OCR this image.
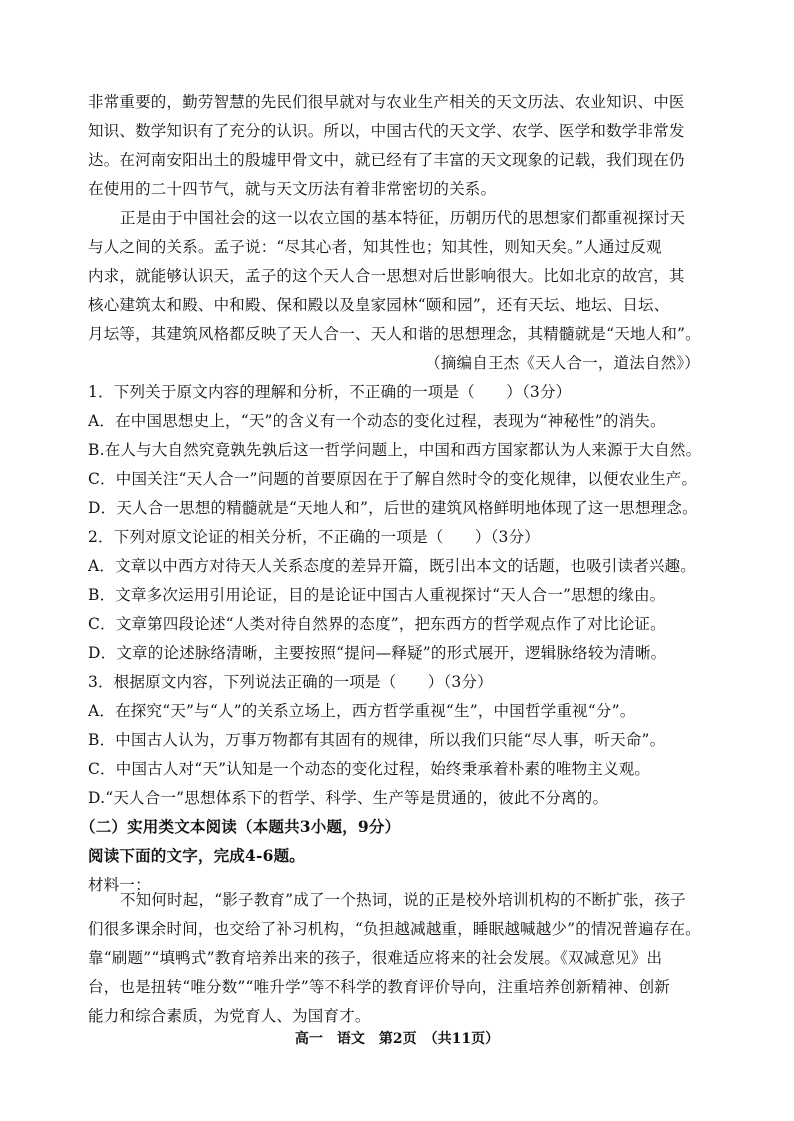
非常重要的，勤劳智慧的先民们很早就对与农业生产相关的天文历法、农业知识、中医
知识、数学知识有了充分的认识。所以，中国古代的天文学、农学、医学和数学非常发
达。在河南安阳出土的殷墟甲骨文中，就已经有了丰富的天文现象的记载，我们现在仍
在使用的二十四节气，就与天文历法有着非常密切的关系。
正是由于中国社会的这一以农立国的基本特征，历朝历代的思想家们都重视探讨天
与人之间的关系。孟子说：“尽其心者，知其性也；知其性，则知天矣。”人通过反观
内求，就能够认识天，孟子的这个天人合一思想对后世影响很大。比如北京的故宫，其
核心建筑太和殿、中和殿、保和殿以及皇家园林“颐和园”，还有天坛、地坛、日坛、
月坛等，其建筑风格都反映了天人合一、天人和谐的思想理念，其精髓就是“天地人和”。
（摘编自王杰《天人合一，道法自然》）
1．下列关于原文内容的理解和分析，不正确的一项是（　　）（3分）
A．在中国思想史上，“天”的含义有一个动态的变化过程，表现为“神秘性”的消失。
B.在人与大自然究竟孰先孰后这一哲学问题上，中国和西方国家都认为人来源于大自然。
C．中国关注“天人合一”问题的首要原因在于了解自然时令的变化规律，以便农业生产。
D．天人合一思想的精髓就是“天地人和”，后世的建筑风格鲜明地体现了这一思想理念。
2．下列对原文论证的相关分析，不正确的一项是（　　）（3分）
A．文章以中西方对待天人关系态度的差异开篇，既引出本文的话题，也吸引读者兴趣。
B．文章多次运用引用论证，目的是论证中国古人重视探讨“天人合一”思想的缘由。
C．文章第四段论述“人类对待自然界的态度”，把东西方的哲学观点作了对比论证。
D．文章的论述脉络清晰，主要按照“提问—释疑”的形式展开，逻辑脉络较为清晰。
3．根据原文内容，下列说法正确的一项是（　　）（3分）
A．在探究“天”与“人”的关系立场上，西方哲学重视“生”，中国哲学重视“分”。
B．中国古人认为，万事万物都有其固有的规律，所以我们只能“尽人事，听天命”。
C．中国古人对“天”认知是一个动态的变化过程，始终秉承着朴素的唯物主义观。
D.“天人合一”思想体系下的哲学、科学、生产等是贯通的，彼此不分离的。
（二）实用类文本阅读（本题共3小题，9分）
阅读下面的文字，完成4-6题。
材料一：
不知何时起，“影子教育”成了一个热词，说的正是校外培训机构的不断扩张，孩子
们很多课余时间，也交给了补习机构，“负担越减越重，睡眠越喊越少”的情况普遍存在。
靠“刷题”“填鸭式”教育培养出来的孩子，很难适应将来的社会发展。《双减意见》出
台，也是扭转“唯分数”“唯升学”等不科学的教育评价导向，注重培养创新精神、创新
高一　语文　第2页　（共11页）
能力和综合素质，为党育人、为国育才。
